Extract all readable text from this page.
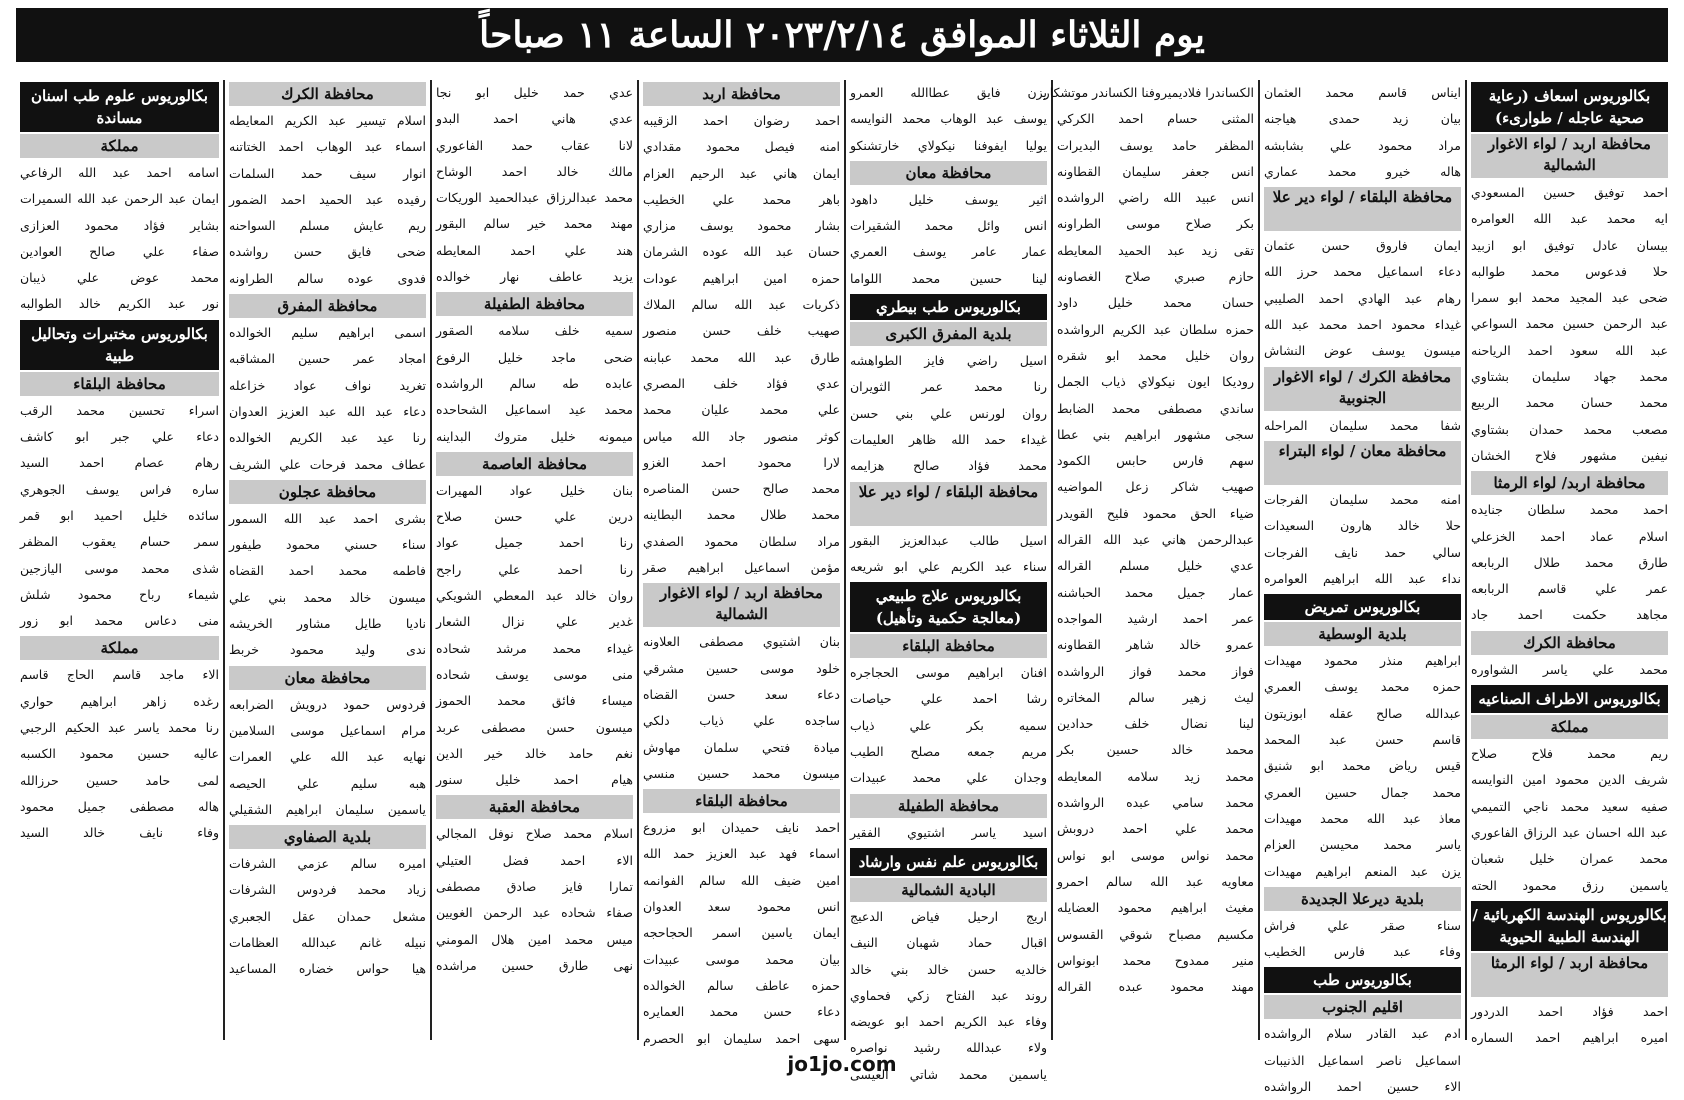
يوم الثلاثاء الموافق ٢٠٢٣/٢/١٤ الساعة ١١ صباحاً
بكالوريوس اسعاف (رعاية صحية عاجله / طوارىء)
محافظة اربد / لواء الاغوار الشمالية
احمد توفيق حسين المسعودي
ايه محمد عبد الله العوامره
بيسان عادل توفيق ابو ازبيد
حلا فدعوس محمد طوالبه
ضحى عبد المجيد محمد ابو سمرا
عبد الرحمن حسين محمد السواعي
عبد الله سعود احمد الرياحنه
محمد جهاد سليمان بشتاوي
محمد حسان محمد الربيع
مصعب محمد حمدان بشتاوي
نيفين مشهور فلاح الخشان
محافظة اربد/ لواء الرمثا
احمد محمد سلطان جنايده
اسلام عماد احمد الخزعلي
طارق محمد طلال الربابعه
عمر علي قاسم الربابعه
مجاهد حكمت احمد جاد
محافظة الكرك
محمد علي ياسر الشواوره
بكالوريوس الاطراف الصناعيه
مملكة
ريم محمد فلاح صلاح
شريف الدين محمود امين النوايسه
صفيه سعيد محمد ناجي التميمي
عبد الله احسان عبد الرزاق الفاعوري
محمد عمران خليل شعبان
ياسمين رزق محمود الحته
بكالوريوس الهندسة الكهربائية / الهندسة الطبية الحيوية
محافظة اربد / لواء الرمثا
احمد فؤاد احمد الدردور
اميره ابراهيم احمد السماره
ايناس قاسم محمد العثمان
بيان زيد حمدى هياجنه
مراد محمود علي بشابشه
هاله خيرو محمد عماري
محافظة البلقاء / لواء دير علا
ايمان فاروق حسن عثمان
دعاء اسماعيل محمد حرز الله
رهام عبد الهادي احمد الصليبي
غيداء محمود احمد محمد عبد الله
ميسون يوسف عوض النشاش
محافظة الكرك / لواء الاغوار الجنوبية
شفا محمد سليمان المراحله
محافظة معان / لواء البتراء
امنه محمد سليمان الفرجات
حلا خالد هارون السعيدات
سالي حمد نايف الفرجات
نداء عبد الله ابراهيم العوامره
بكالوريوس تمريض
بلدية الوسطية
ابراهيم منذر محمود مهيدات
حمزه محمد يوسف العمري
عبدالله صالح عقله ابوزيتون
قاسم حسن عبد المحمد
قيس رياض محمد ابو شنيق
محمد جمال حسين العمري
معاذ عبد الله محمد مهيدات
ياسر محمد محيسن العزام
يزن عبد المنعم ابراهيم مهيدات
بلدية ديرعلا الجديدة
سناء صقر علي فراش
وفاء عبد فارس الخطيب
بكالوريوس طب
اقليم الجنوب
ادم عبد القادر سلام الرواشده
اسماعيل ناصر اسماعيل الذنيبات
الاء حسين احمد الرواشده
الكساندرا فلاديميروفنا الكساندر موتشكار
المثنى حسام احمد الكركي
المظفر حامد يوسف البديرات
انس جعفر سليمان القطاونه
انس عبيد الله راضي الرواشده
بكر صلاح موسى الطراونه
تقى زيد عبد الحميد المعايطه
حازم صبري صلاح الغصاونه
حسان محمد خليل داود
حمزه سلطان عبد الكريم الرواشده
روان خليل محمد ابو شقره
روديكا ايون نيكولاي ذياب الجمل
ساندي مصطفى محمد الضابط
سجى مشهور ابراهيم بني عطا
سهم فارس حابس الكمود
صهيب شاكر زعل المواضيه
ضياء الحق محمود فليح القويدر
عبدالرحمن هاني عبد الله القراله
عدي خليل مسلم القراله
عمار جميل محمد الحباشنه
عمر احمد ارشيد المواجده
عمرو خالد شاهر القطاونه
فواز محمد فواز الرواشده
ليث زهير سالم المخاتره
لينا نضال خلف حدادين
محمد خالد حسين بكر
محمد زيد سلامه المعايطه
محمد سامي عبده الرواشده
محمد علي احمد دروبش
محمد نواس موسى ابو نواس
معاويه عبد الله سالم احمرو
مغيث ابراهيم محمود العضايله
مكسيم مصباح شوقي القسوس
منير ممدوح محمد ابونواس
مهند محمود عبده القراله
يزن فايق عطاالله العمرو
يوسف عبد الوهاب محمد النوايسه
يوليا ايفوفنا نيكولاي خارتشنكو
محافظة معان
اثير يوسف خليل داهود
انس وائل محمد الشقيرات
عمار عامر يوسف العمري
لينا حسين محمد اللواما
بكالوريوس طب بيطري
بلدية المفرق الكبرى
اسيل راضي فايز الطواهشه
رنا محمد عمر الثويران
روان لورنس علي بني حسن
غيداء حمد الله ظاهر العليمات
محمد فؤاد صالح هزايمه
محافظة البلقاء / لواء دير علا
اسيل طالب عبدالعزيز البقور
سناء عبد الكريم علي ابو شريعه
بكالوريوس علاج طبيعي (معالجة حكمية وتأهيل)
محافظة البلقاء
افنان ابراهيم موسى الحجاجره
رشا احمد علي حياصات
سميه بكر علي ذياب
مريم جمعه مصلح الطيب
وجدان علي محمد عبيدات
محافظة الطفيلة
اسيد ياسر اشتيوي الفقير
بكالوريوس علم نفس وارشاد
البادية الشمالية
اريج ارحيل فياض الدعيج
اقبال حماد شهبان النيف
خالديه حسن خالد بني خالد
روند عبد الفتاح زكي فحماوي
وفاء عبد الكريم احمد ابو عويضه
ولاء عبدالله رشيد نواصره
ياسمين محمد شاتي العيسى
محافظة اربد
احمد رضوان احمد الزقيبه
امنه فيصل محمود مقدادي
ايمان هاني عبد الرحيم العزام
باهر محمد علي الخطيب
بشار محمود يوسف مزاري
حسان عبد الله عوده الشرمان
حمزه امين ابراهيم عودات
ذكريات عبد الله سالم الملاك
صهيب خلف حسن منصور
طارق عبد الله محمد عبابنه
عدي فؤاد خلف المصري
علي محمد عليان محمد
كوثر منصور جاد الله مياس
لارا محمود احمد الغزو
محمد صالح حسن المناصره
محمد طلال محمد البطاينه
مراد سلطان محمود الصفدي
مؤمن اسماعيل ابراهيم صقر
محافظة اربد / لواء الاغوار الشمالية
بنان اشتيوي مصطفى العلاونه
خلود موسى حسين مشرقي
دعاء سعد حسن القضاه
ساجده علي ذياب دلكي
ميادة فتحي سلمان مهاوش
ميسون محمد حسين منسي
محافظة البلقاء
احمد نايف حميدان ابو مزروع
اسماء فهد عبد العزيز حمد الله
امين ضيف الله سالم الفوانمه
انس محمود سعد العدوان
ايمان ياسين اسمر الحجاحجه
بيان محمد موسى عبيدات
حمزه عاطف سالم الخوالده
دعاء حسن محمد العمايره
سهى احمد سليمان ابو الحصرم
عدي حمد خليل ابو نجا
عدي هاني احمد البدو
لانا عقاب حمد الفاعوري
مالك خالد احمد الوشاح
محمد عبدالرزاق عبدالحميد الوريكات
مهند محمد خير سالم البقور
هند علي احمد المعايطه
يزيد عاطف نهار خوالده
محافظة الطفيلة
سميه خلف سلامه الصقور
ضحى ماجد خليل الرفوع
عابده طه سالم الرواشده
محمد عيد اسماعيل الشحاحده
ميمونه خليل متروك البداينه
محافظة العاصمة
بنان خليل عواد المهيرات
درين علي حسن صلاح
رنا احمد جميل عواد
رنا احمد علي راجح
روان خالد عبد المعطي الشويكي
غدير علي نزال الشعار
غيداء محمد مرشد شحاده
منى موسى يوسف شحاده
ميساء فائق محمد الحموز
ميسون حسن مصطفى عربد
نغم حامد خالد خير الدين
هيام احمد خليل سنور
محافظة العقبة
اسلام محمد صلاح نوفل المجالي
الاء احمد فضل العتيلي
تمارا فايز صادق مصطفى
صفاء شحاده عبد الرحمن الغويين
ميس محمد امين هلال المومني
نهى طارق حسين مراشده
محافظة الكرك
اسلام تيسير عبد الكريم المعايطه
اسماء عبد الوهاب احمد الختاتنه
انوار سيف حمد السلمات
رفيده عبد الحميد احمد الضمور
ريم عايش مسلم السواحنه
ضحى فايق حسن رواشده
فدوى عوده سالم الطراونه
محافظة المفرق
اسمى ابراهيم سليم الخوالده
امجاد عمر حسين المشاقبه
تغريد نواف عواد خزاعله
دعاء عبد الله عبد العزيز العدوان
رنا عيد عبد الكريم الخوالده
عطاف محمد فرحات علي الشريف
محافظة عجلون
بشرى احمد عبد الله السمور
سناء حسني محمود طيفور
فاطمه محمد احمد القضاه
ميسون خالد محمد بني علي
ناديا طايل مشاور الخريشه
ندى وليد محمود خربط
محافظة معان
فردوس حمود درويش الضرابعه
مرام اسماعيل موسى السلامين
نهايه عبد الله علي العمرات
هبه سليم علي الحيصه
ياسمين سليمان ابراهيم الشقيلي
بلدية الصفاوي
اميره سالم عزمي الشرفات
زياد محمد فردوس الشرفات
مشعل حمدان عقل الجعبري
نبيله غانم عبدالله العظامات
هيا حواس خضاره المساعيد
بكالوريوس علوم طب اسنان مساندة
مملكة
اسامه احمد عبد الله الرفاعي
ايمان عبد الرحمن عبد الله السميرات
بشاير فؤاد محمود العزازى
صفاء علي صالح العوادين
محمد عوض علي ذيبان
نور عبد الكريم خالد الطوالبه
بكالوريوس مختبرات وتحاليل طبية
محافظة البلقاء
اسراء تحسين محمد الرقب
دعاء علي جبر ابو كاشف
رهام عصام احمد السيد
ساره فراس يوسف الجوهري
سائده خليل احميد ابو قمر
سمر حسام يعقوب المظفر
شذى محمد موسى اليازجين
شيماء رباح محمود شلش
منى دعاس محمد ابو زور
مملكة
الاء ماجد قاسم الحاج قاسم
رغده زاهر ابراهيم حواري
رنا محمد ياسر عبد الحكيم الرجبي
عاليه حسين محمود الكسبه
لمى حامد حسين حرزالله
هاله مصطفى جميل محمود
وفاء نايف خالد السيد
jo1jo.com
